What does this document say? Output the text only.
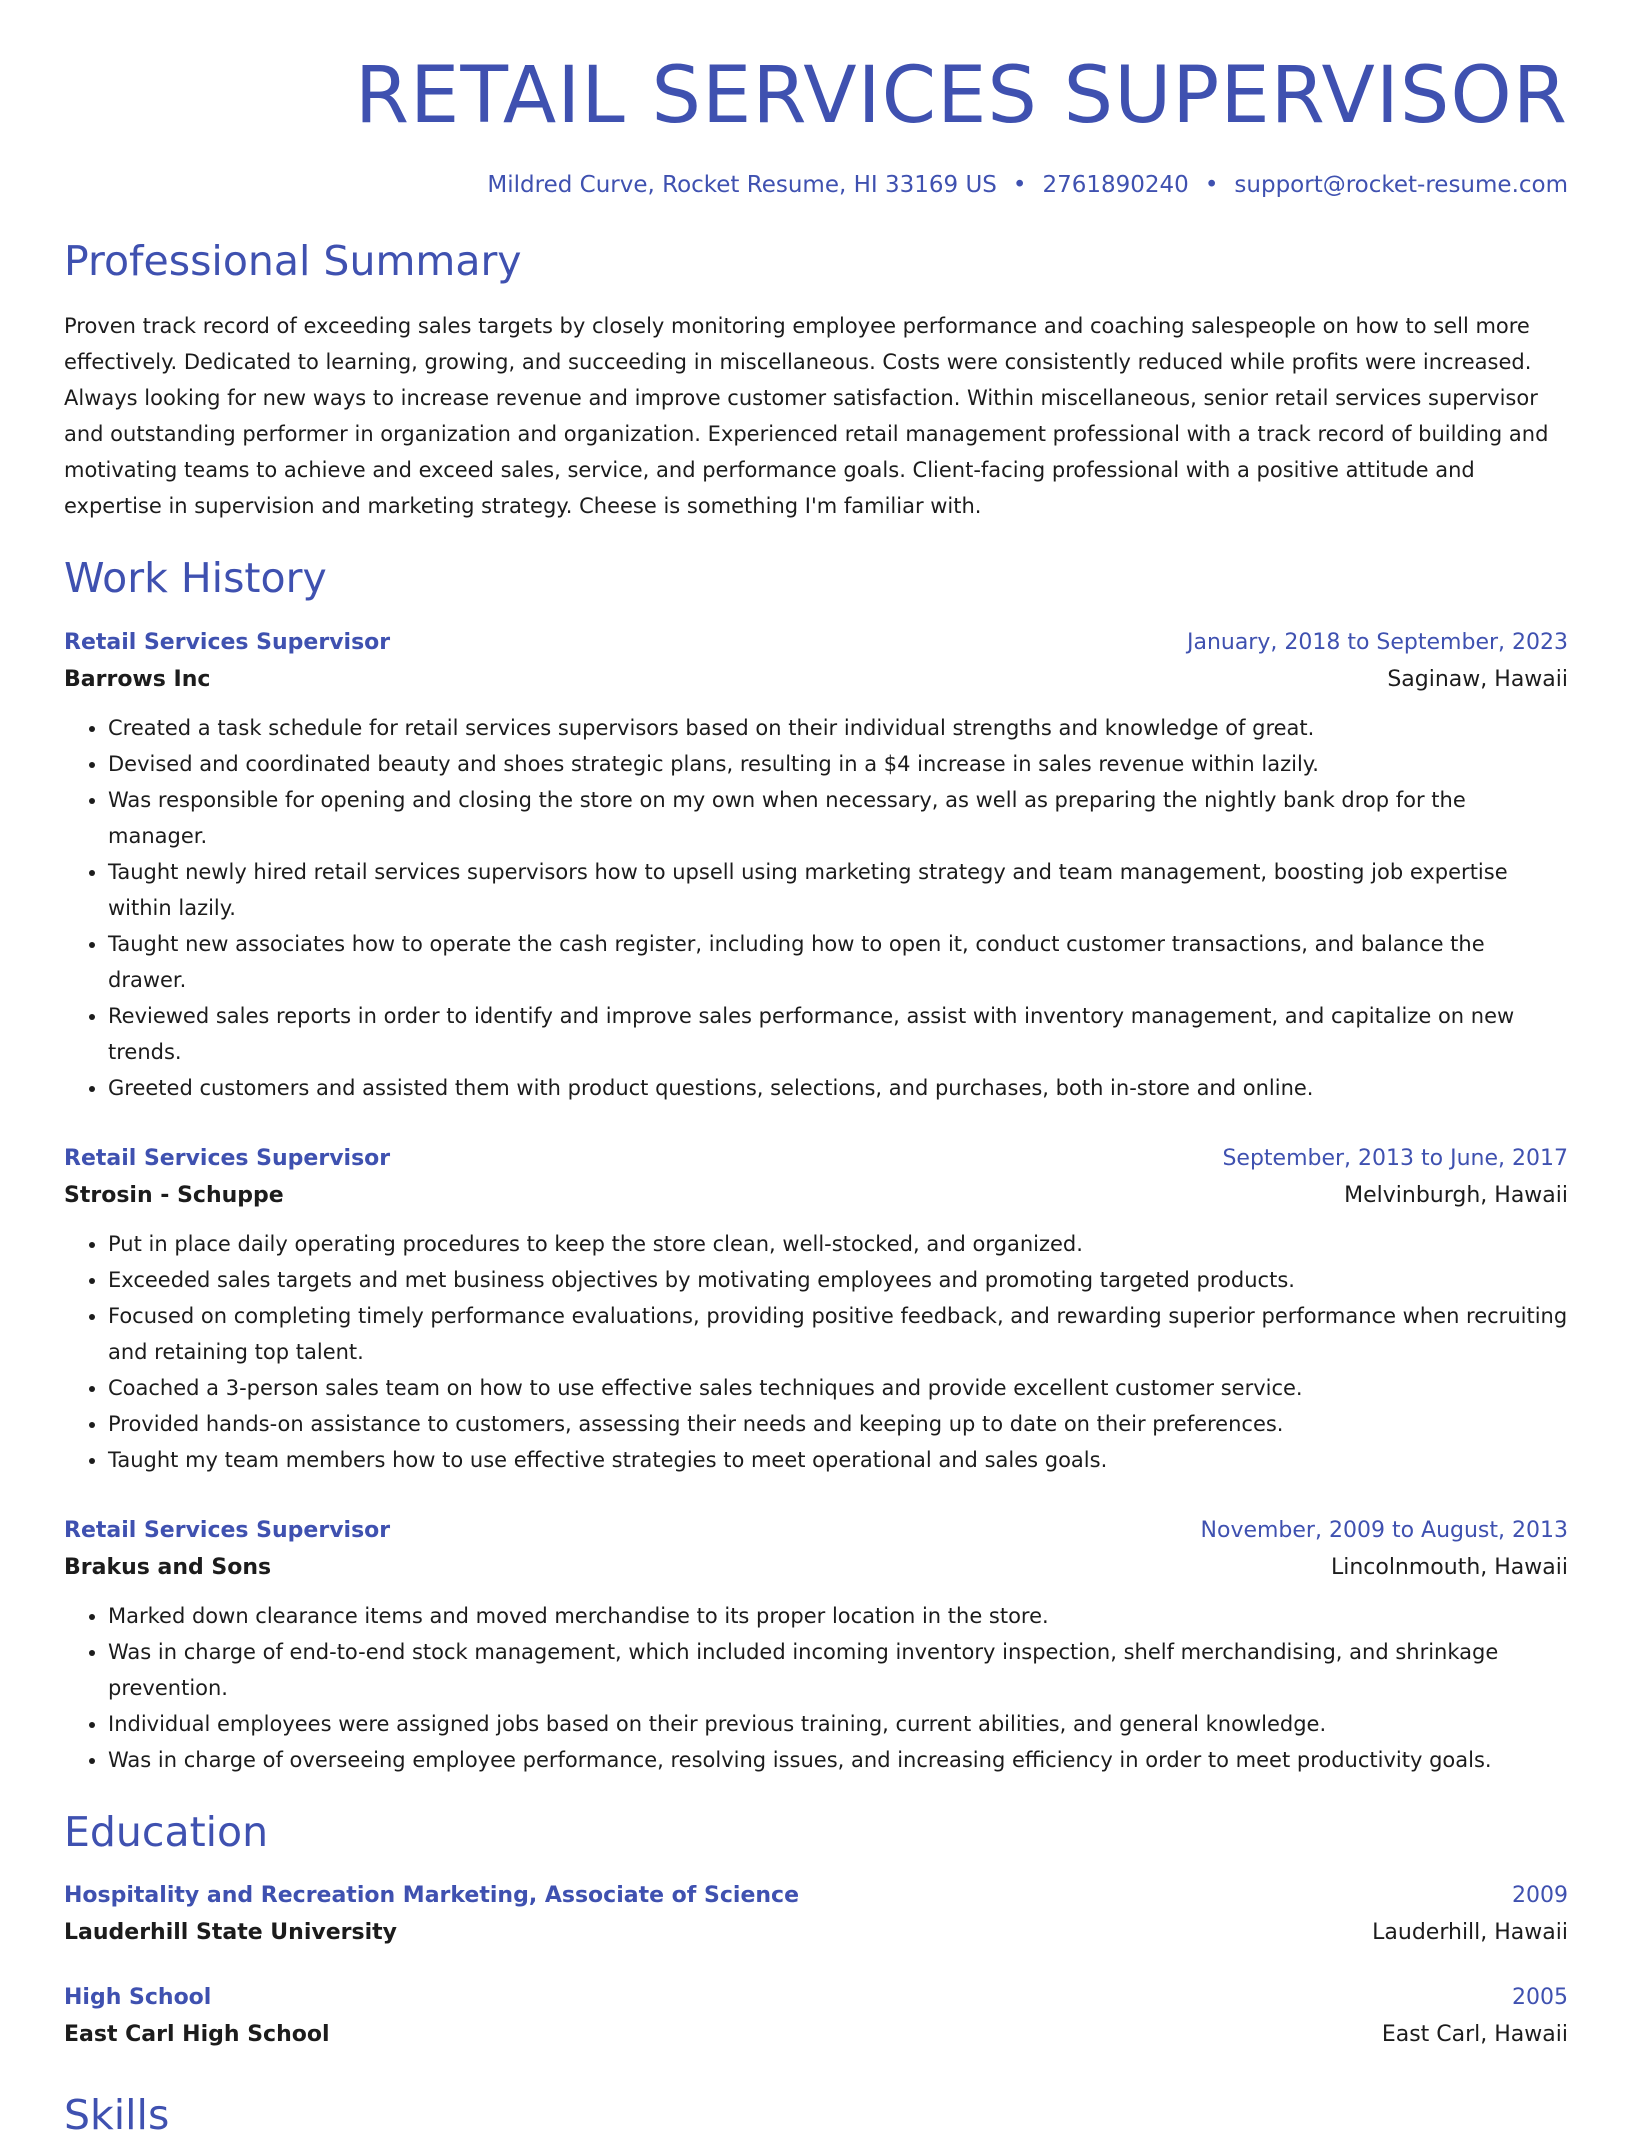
RETAIL SERVICES SUPERVISOR
Mildred Curve, Rocket Resume, HI 33169 US • 2761890240 • support@rocket-resume.com
Professional Summary
Proven track record of exceeding sales targets by closely monitoring employee performance and coaching salespeople on how to sell more effectively. Dedicated to learning, growing, and succeeding in miscellaneous. Costs were consistently reduced while profits were increased. Always looking for new ways to increase revenue and improve customer satisfaction. Within miscellaneous, senior retail services supervisor and outstanding performer in organization and organization. Experienced retail management professional with a track record of building and motivating teams to achieve and exceed sales, service, and performance goals. Client-facing professional with a positive attitude and expertise in supervision and marketing strategy. Cheese is something I'm familiar with.
Work History
Retail Services Supervisor	January, 2018 to September, 2023
Barrows Inc	Saginaw, Hawaii
• Created a task schedule for retail services supervisors based on their individual strengths and knowledge of great.
• Devised and coordinated beauty and shoes strategic plans, resulting in a $4 increase in sales revenue within lazily.
• Was responsible for opening and closing the store on my own when necessary, as well as preparing the nightly bank drop for the manager.
• Taught newly hired retail services supervisors how to upsell using marketing strategy and team management, boosting job expertise within lazily.
• Taught new associates how to operate the cash register, including how to open it, conduct customer transactions, and balance the drawer.
• Reviewed sales reports in order to identify and improve sales performance, assist with inventory management, and capitalize on new trends.
• Greeted customers and assisted them with product questions, selections, and purchases, both in-store and online.
Retail Services Supervisor	September, 2013 to June, 2017
Strosin - Schuppe	Melvinburgh, Hawaii
• Put in place daily operating procedures to keep the store clean, well-stocked, and organized.
• Exceeded sales targets and met business objectives by motivating employees and promoting targeted products.
• Focused on completing timely performance evaluations, providing positive feedback, and rewarding superior performance when recruiting and retaining top talent.
• Coached a 3-person sales team on how to use effective sales techniques and provide excellent customer service.
• Provided hands-on assistance to customers, assessing their needs and keeping up to date on their preferences.
• Taught my team members how to use effective strategies to meet operational and sales goals.
Retail Services Supervisor	November, 2009 to August, 2013
Brakus and Sons	Lincolnmouth, Hawaii
• Marked down clearance items and moved merchandise to its proper location in the store.
• Was in charge of end-to-end stock management, which included incoming inventory inspection, shelf merchandising, and shrinkage prevention.
• Individual employees were assigned jobs based on their previous training, current abilities, and general knowledge.
• Was in charge of overseeing employee performance, resolving issues, and increasing efficiency in order to meet productivity goals.
Education
Hospitality and Recreation Marketing, Associate of Science	2009
Lauderhill State University	Lauderhill, Hawaii
High School	2005
East Carl High School	East Carl, Hawaii
Skills
